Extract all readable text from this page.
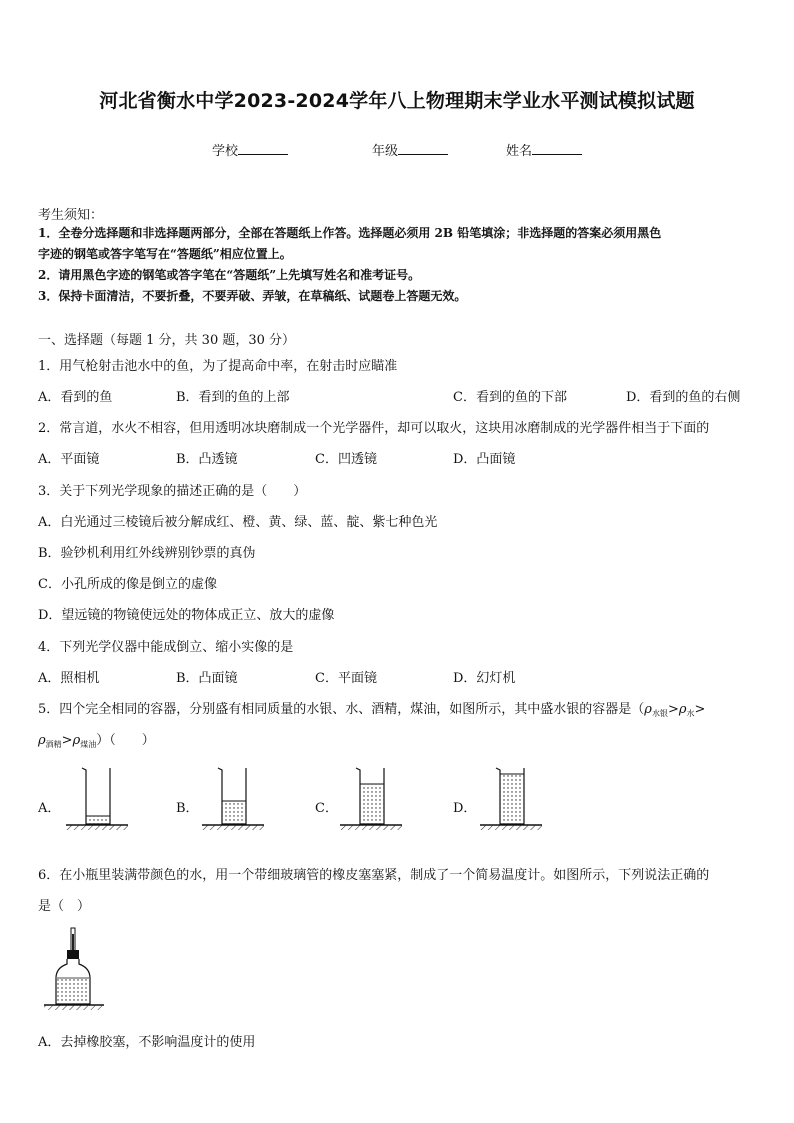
河北省衡水中学2023-2024学年八上物理期末学业水平测试模拟试题
学校	年级	姓名
考生须知：
1．全卷分选择题和非选择题两部分，全部在答题纸上作答。选择题必须用 2B 铅笔填涂；非选择题的答案必须用黑色
字迹的钢笔或答字笔写在“答题纸”相应位置上。
2．请用黑色字迹的钢笔或答字笔在“答题纸”上先填写姓名和准考证号。
3．保持卡面清洁，不要折叠，不要弄破、弄皱，在草稿纸、试题卷上答题无效。
一、选择题（每题 1 分，共 30 题，30 分）
1．用气枪射击池水中的鱼，为了提高命中率，在射击时应瞄准
A．看到的鱼	B．看到的鱼的上部	C．看到的鱼的下部	D．看到的鱼的右侧
2．常言道，水火不相容，但用透明冰块磨制成一个光学器件，却可以取火，这块用冰磨制成的光学器件相当于下面的
A．平面镜	B．凸透镜	C．凹透镜	D．凸面镜
3．关于下列光学现象的描述正确的是（　　）
A．白光通过三棱镜后被分解成红、橙、黄、绿、蓝、靛、紫七种色光
B．验钞机利用红外线辨别钞票的真伪
C．小孔所成的像是倒立的虚像
D．望远镜的物镜使远处的物体成正立、放大的虚像
4．下列光学仪器中能成倒立、缩小实像的是
A．照相机	B．凸面镜	C．平面镜	D．幻灯机
5．四个完全相同的容器，分别盛有相同质量的水银、水、酒精，煤油，如图所示，其中盛水银的容器是（$\rho_{水银}>\rho_水>$
$\rho_{酒精}>\rho_{煤油}$）（　　）
A．	B．	C．	D．
6．在小瓶里装满带颜色的水，用一个带细玻璃管的橡皮塞塞紧，制成了一个简易温度计。如图所示，下列说法正确的
是（　）
A．去掉橡胶塞，不影响温度计的使用
